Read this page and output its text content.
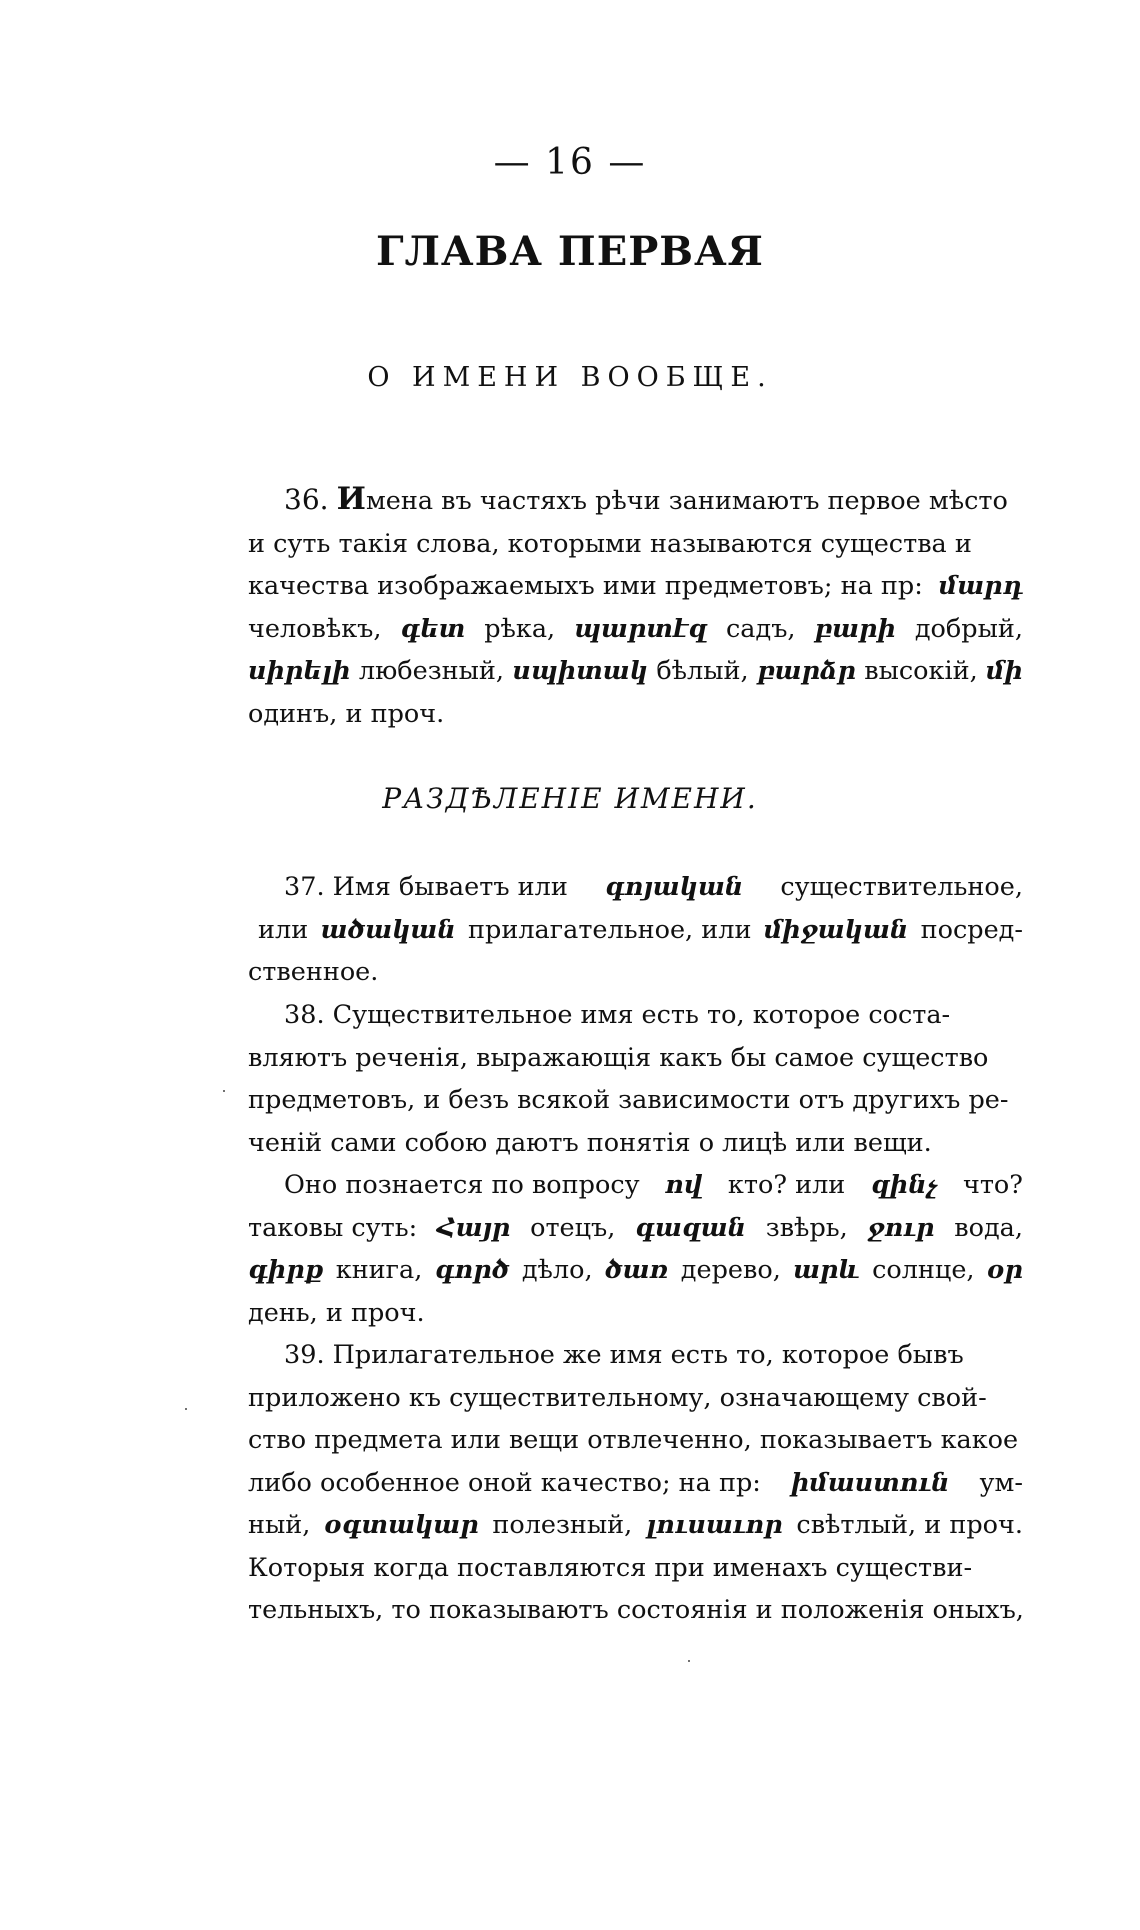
— 16 —
ГЛАВА ПЕРВАЯ
О ИМЕНИ ВООБЩЕ.
36. Имена въ частяхъ рѣчи занимаютъ первое мѣсто
и суть такія слова, которыми называются существа и
качества изображаемыхъ ими предметовъ; на пр: մարդ
человѣкъ, գետ рѣка, պարտէզ садъ, բարի добрый,
սիրելի любезный, սպիտակ бѣлый, բարձր высокій, մի
одинъ, и проч.
РАЗДѢЛЕНІЕ ИМЕНИ.
37. Имя бываетъ или գոյական существительное,
или ածական прилагательное, или միջական посред-
ственное.
38. Существительное имя есть то, которое соста-
вляютъ реченія, выражающія какъ бы самое существо
предметовъ, и безъ всякой зависимости отъ другихъ ре-
ченій сами собою даютъ понятія о лицѣ или вещи.
Оно познается по вопросу ով кто? или զինչ что?
таковы суть: Հայր отецъ, գազան звѣрь, ջուր вода,
գիրք книга, գործ дѣло, ծառ дерево, արև солнце, օր
день, и проч.
39. Прилагательное же имя есть то, которое бывъ
приложено къ существительному, означающему свой-
ство предмета или вещи отвлеченно, показываетъ какое
либо особенное оной качество; на пр: իմաստուն ум-
ный, օգտակար полезный, լուսաւոր свѣтлый, и проч.
Которыя когда поставляются при именахъ существи-
тельныхъ, то показываютъ состоянія и положенія оныхъ,
